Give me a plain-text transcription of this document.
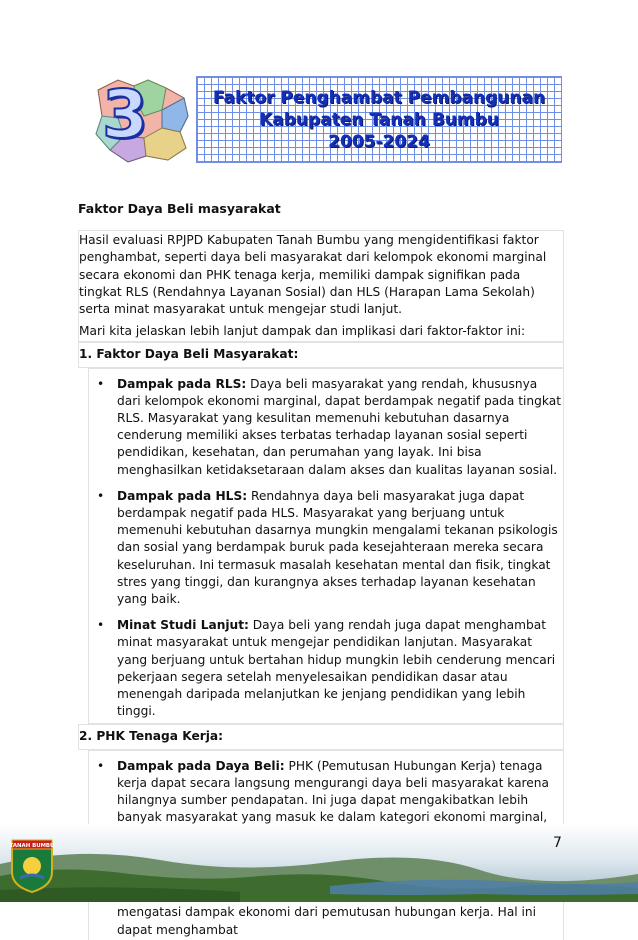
3	Faktor Penghambat Pembangunan
Kabupaten Tanah Bumbu
2005-2024
Faktor Daya Beli masyarakat

Hasil evaluasi RPJPD Kabupaten Tanah Bumbu yang mengidentifikasi faktor penghambat, seperti daya beli masyarakat dari kelompok ekonomi marginal secara ekonomi dan PHK tenaga kerja, memiliki dampak signifikan pada tingkat RLS (Rendahnya Layanan Sosial) dan HLS (Harapan Lama Sekolah) serta minat masyarakat untuk mengejar studi lanjut.

Mari kita jelaskan lebih lanjut dampak dan implikasi dari faktor-faktor ini:

1. Faktor Daya Beli Masyarakat:

• Dampak pada RLS: Daya beli masyarakat yang rendah, khususnya dari kelompok ekonomi marginal, dapat berdampak negatif pada tingkat RLS. Masyarakat yang kesulitan memenuhi kebutuhan dasarnya cenderung memiliki akses terbatas terhadap layanan sosial seperti pendidikan, kesehatan, dan perumahan yang layak. Ini bisa menghasilkan ketidaksetaraan dalam akses dan kualitas layanan sosial.
• Dampak pada HLS: Rendahnya daya beli masyarakat juga dapat berdampak negatif pada HLS. Masyarakat yang berjuang untuk memenuhi kebutuhan dasarnya mungkin mengalami tekanan psikologis dan sosial yang berdampak buruk pada kesejahteraan mereka secara keseluruhan. Ini termasuk masalah kesehatan mental dan fisik, tingkat stres yang tinggi, dan kurangnya akses terhadap layanan kesehatan yang baik.
• Minat Studi Lanjut: Daya beli yang rendah juga dapat menghambat minat masyarakat untuk mengejar pendidikan lanjutan. Masyarakat yang berjuang untuk bertahan hidup mungkin lebih cenderung mencari pekerjaan segera setelah menyelesaikan pendidikan dasar atau menengah daripada melanjutkan ke jenjang pendidikan yang lebih tinggi.

2. PHK Tenaga Kerja:

• Dampak pada Daya Beli: PHK (Pemutusan Hubungan Kerja) tenaga kerja dapat secara langsung mengurangi daya beli masyarakat karena hilangnya sumber pendapatan. Ini juga dapat mengakibatkan lebih banyak masyarakat yang masuk ke dalam kategori ekonomi marginal,
mengatasi dampak ekonomi dari pemutusan hubungan kerja. Hal ini dapat menghambat
7
TANAH BUMBU
